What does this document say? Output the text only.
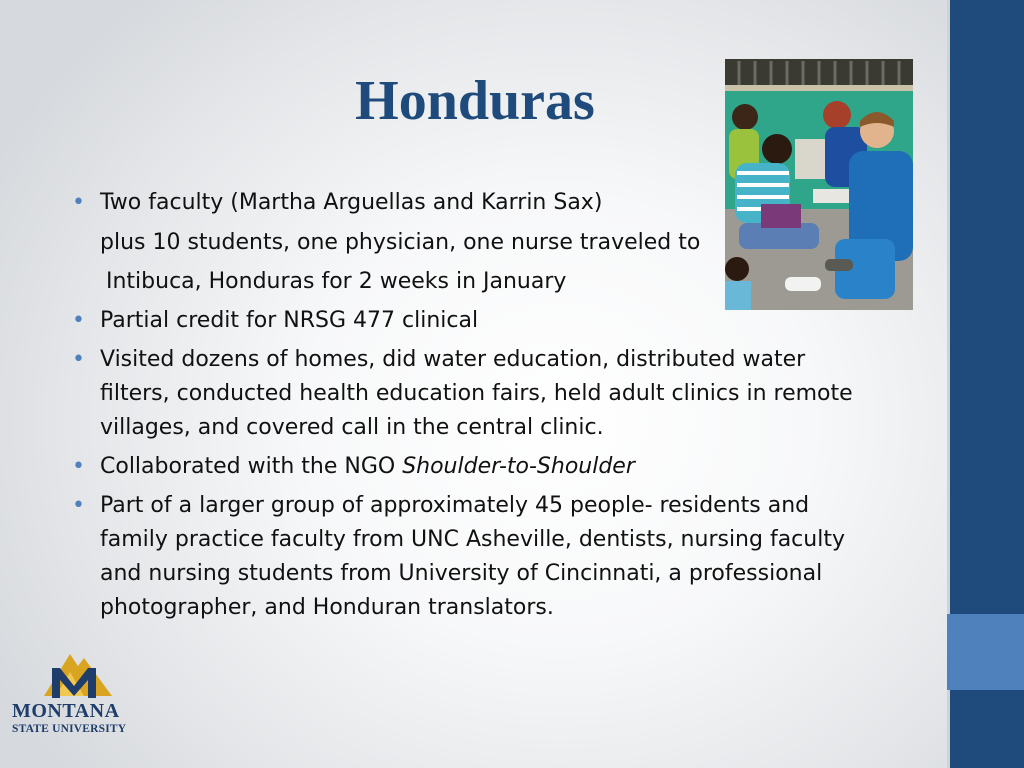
Honduras
• Two faculty (Martha Arguellas and Karrin Sax)
plus 10 students, one physician, one nurse traveled to
Intibuca, Honduras for 2 weeks in January
• Partial credit for NRSG 477 clinical
• Visited dozens of homes, did water education, distributed water
filters, conducted health education fairs, held adult clinics in remote
villages, and covered call in the central clinic.
• Collaborated with the NGO Shoulder-to-Shoulder
• Part of a larger group of approximately 45 people- residents and
family practice faculty from UNC Asheville, dentists, nursing faculty
and nursing students from University of Cincinnati, a professional
photographer, and Honduran translators.
MONTANA
STATE UNIVERSITY
